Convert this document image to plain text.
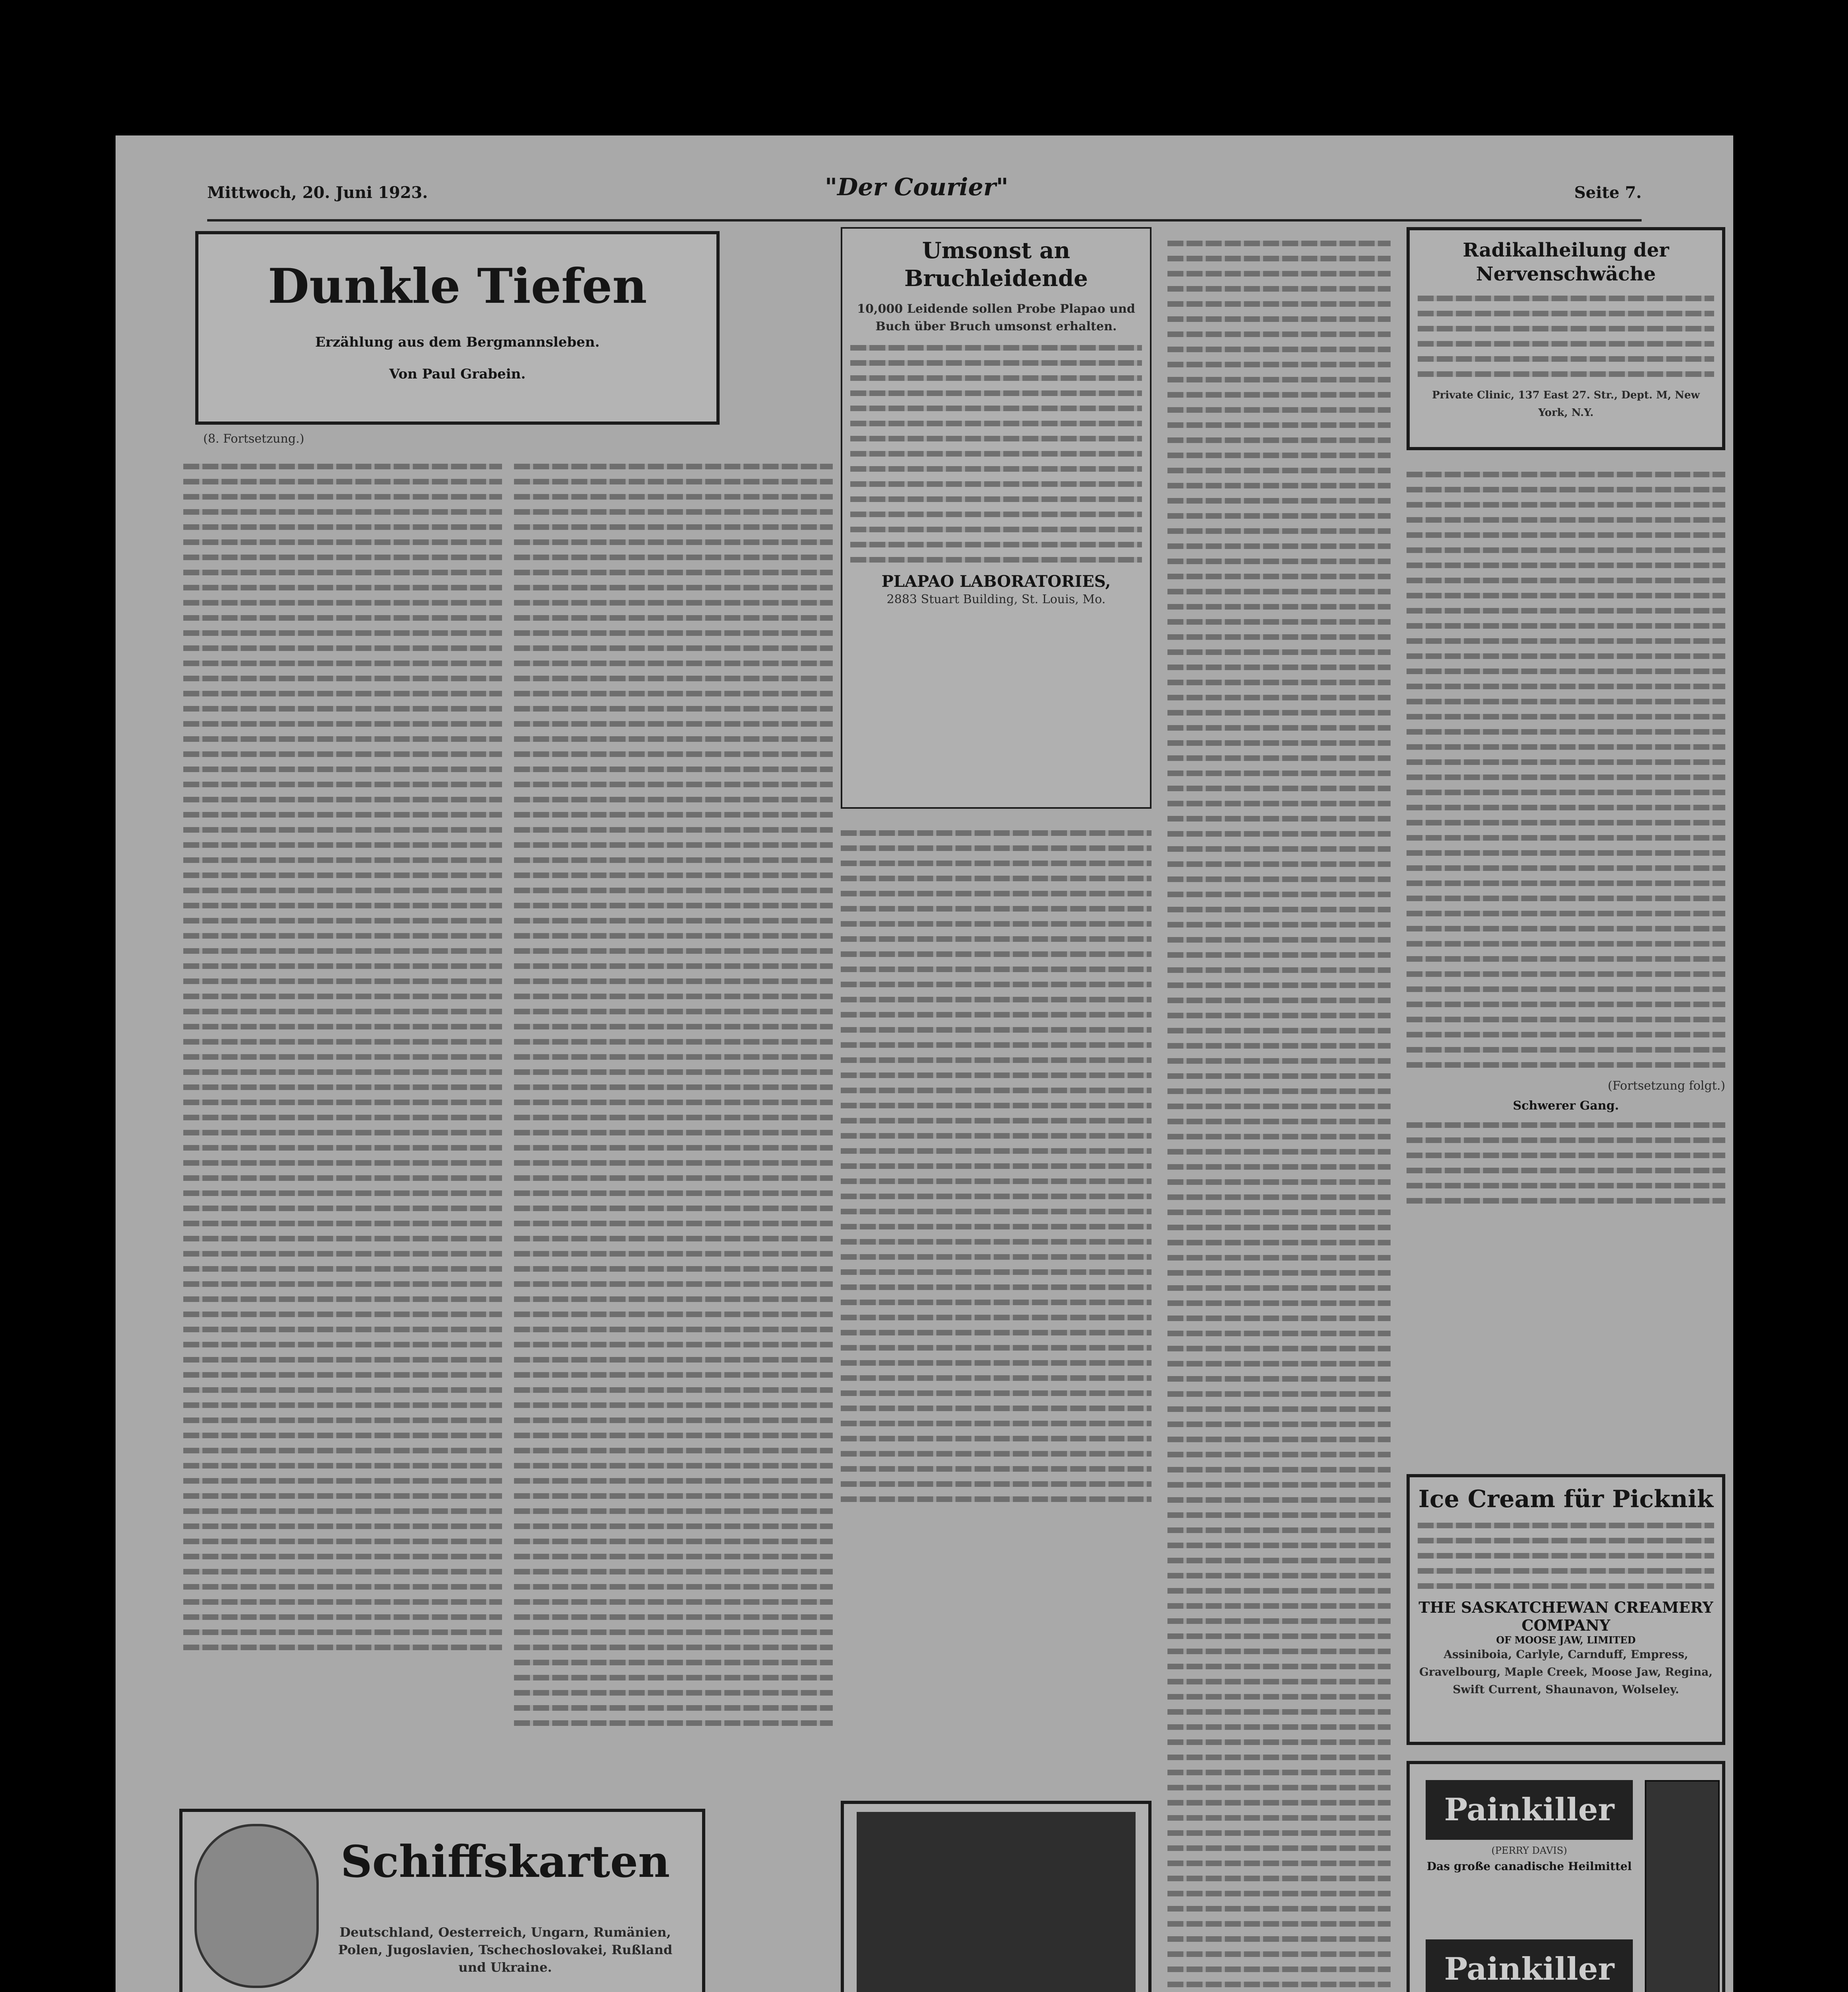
Mittwoch, 20. Juni 1923.	"Der Courier"	Seite 7.
Dunkle Tiefen
Erzählung aus dem Bergmannsleben.
Von Paul Grabein.
(8. Fortsetzung.)
Schiffskarten
Deutschland, Oesterreich, Ungarn, Rumänien, Polen, Jugoslavien, Tschechoslovakei, Rußland und Ukraine.
Umsonst an Bruchleidende
10,000 Leidende sollen Probe Plapao und Buch über Bruch umsonst erhalten.
PLAPAO LABORATORIES,
2883 Stuart Building, St. Louis, Mo.
Radikalheilung der Nervenschwäche
Private Clinic, 137 East 27. Str., Dept. M, New York, N.Y.
(Fortsetzung folgt.)
Schwerer Gang.
Ice Cream für Picknik
THE SASKATCHEWAN CREAMERY COMPANY
OF MOOSE JAW, LIMITED
Assiniboia, Carlyle, Carnduff, Empress, Gravelbourg, Maple Creek, Moose Jaw, Regina, Swift Current, Shaunavon, Wolseley.
Painkiller
(PERRY DAVIS)
Das große canadische Heilmittel
Painkiller
